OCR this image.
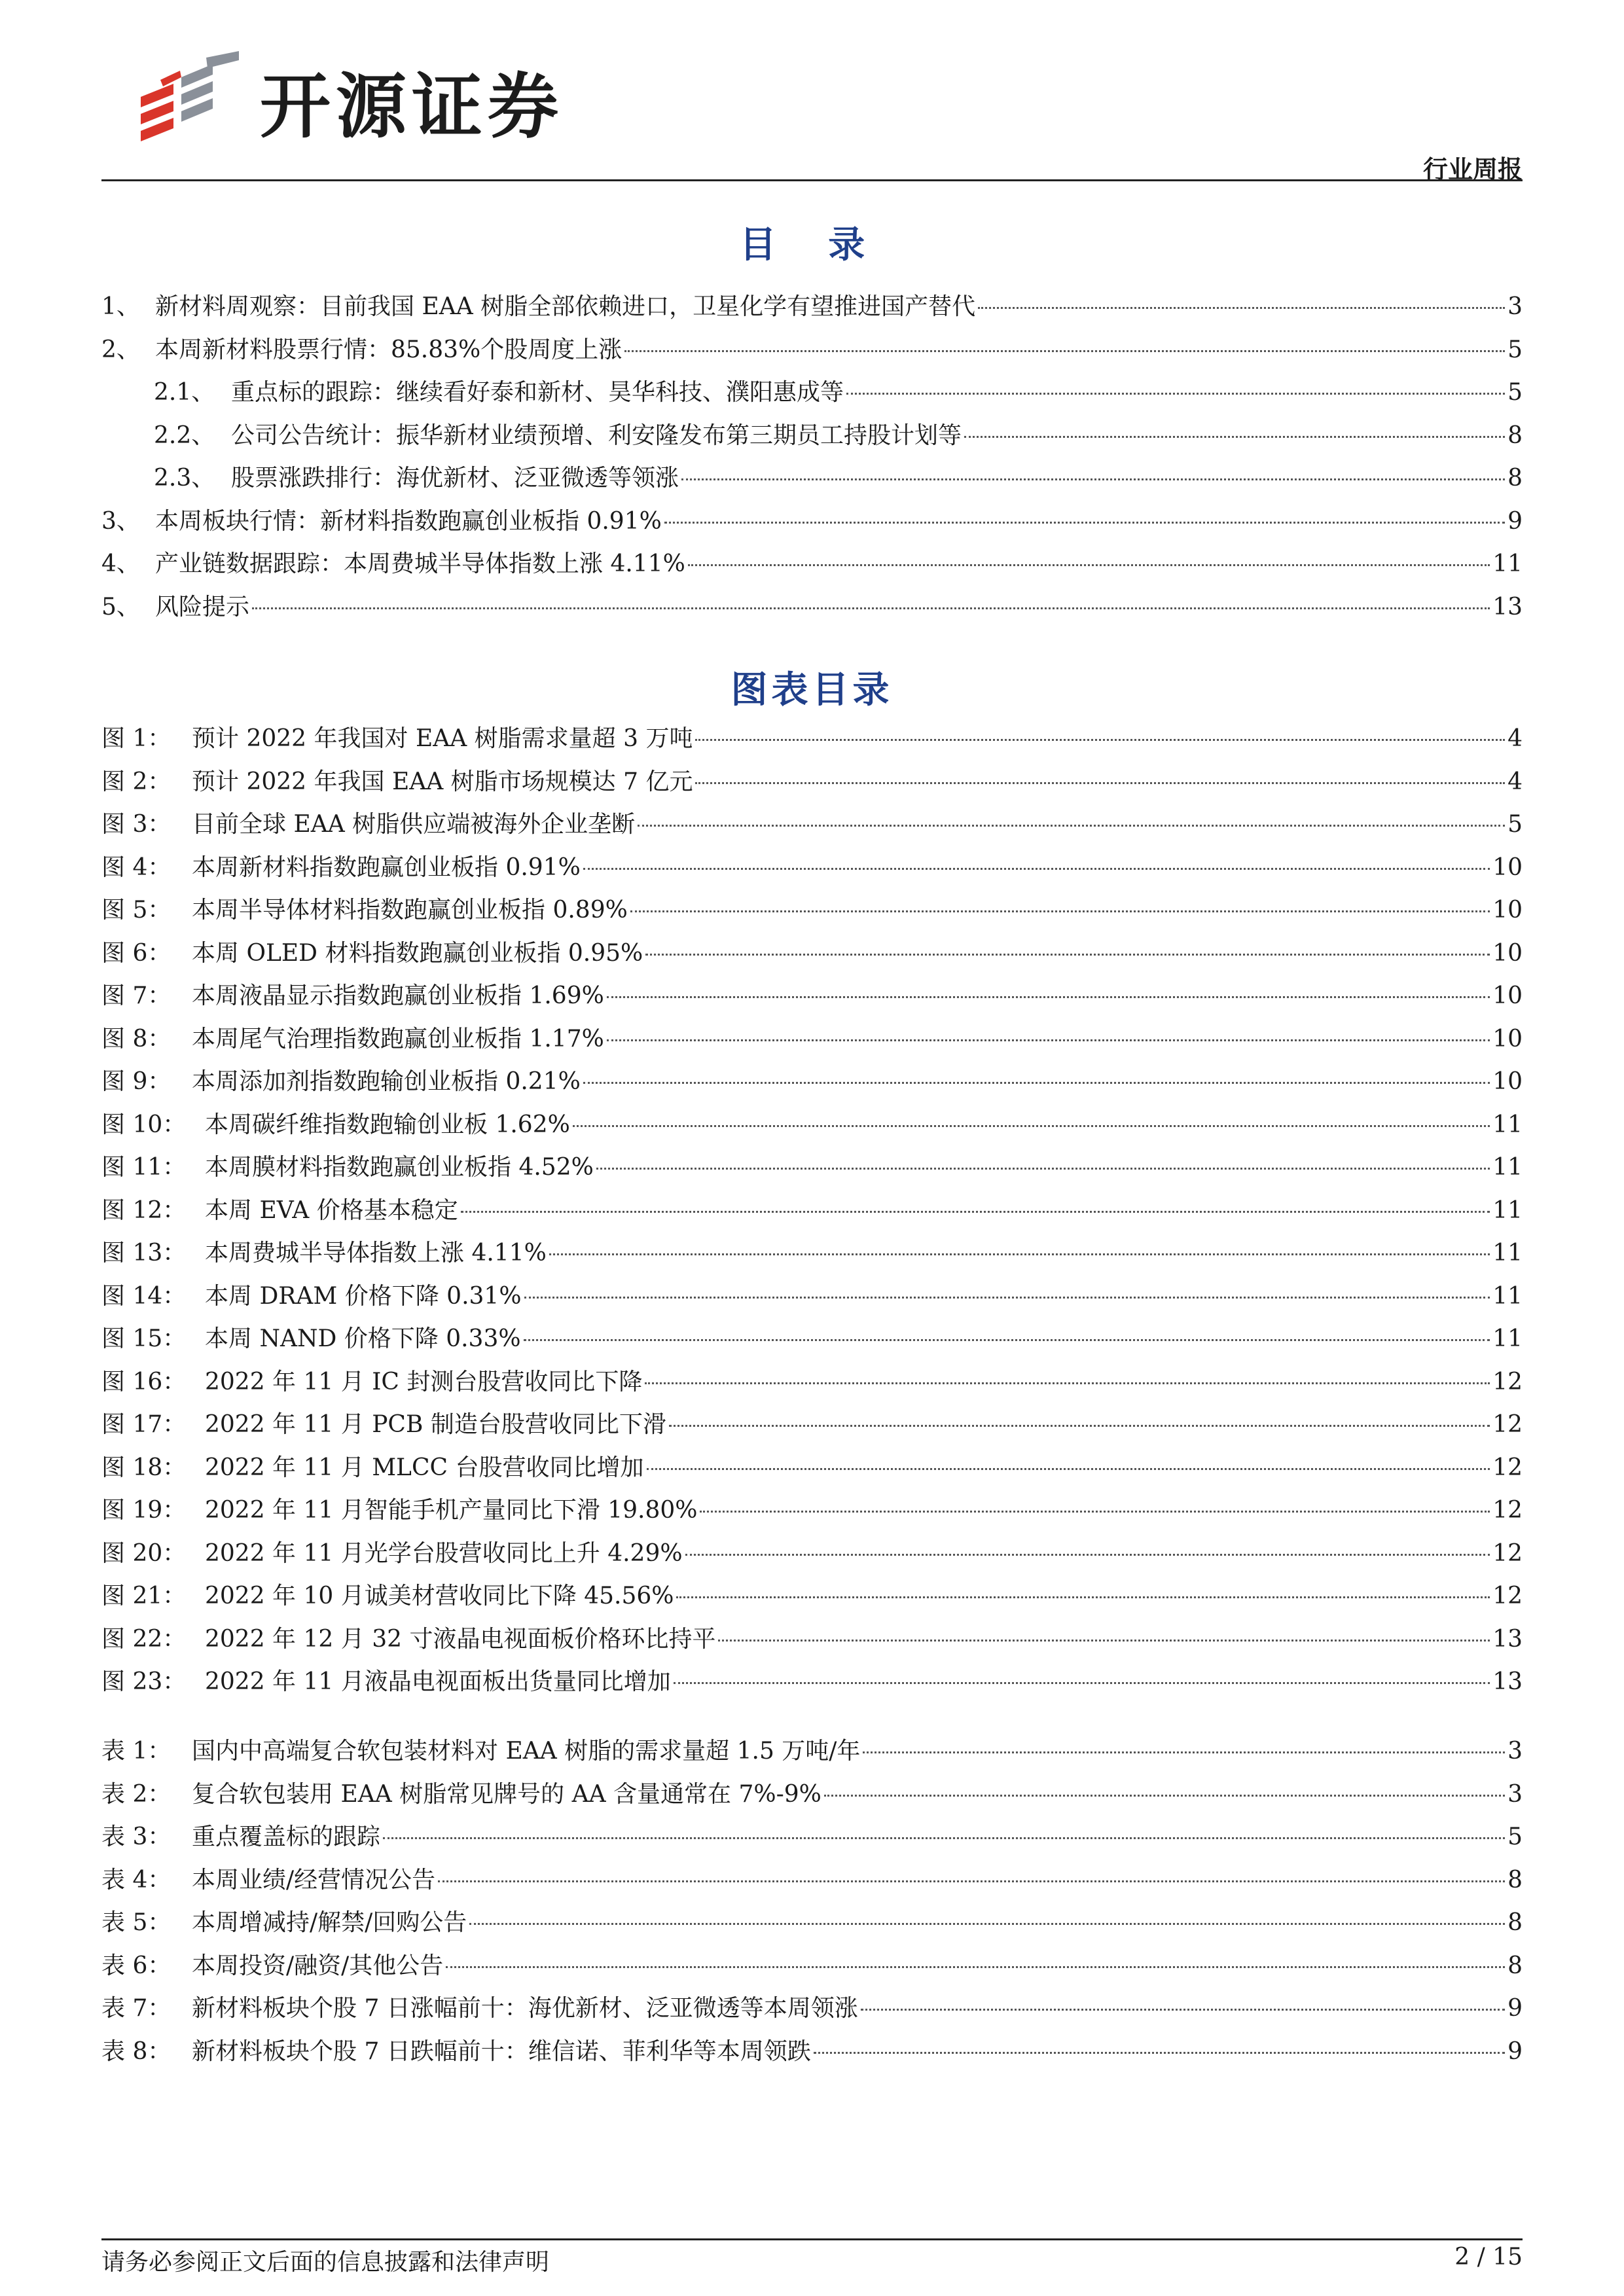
开源证券
行业周报
目 录
1、 新材料周观察：目前我国 EAA 树脂全部依赖进口，卫星化学有望推进国产替代	3
2、 本周新材料股票行情：85.83%个股周度上涨	5
2.1、 重点标的跟踪：继续看好泰和新材、昊华科技、濮阳惠成等	5
2.2、 公司公告统计：振华新材业绩预增、利安隆发布第三期员工持股计划等	8
2.3、 股票涨跌排行：海优新材、泛亚微透等领涨	8
3、 本周板块行情：新材料指数跑赢创业板指 0.91%	9
4、 产业链数据跟踪：本周费城半导体指数上涨 4.11%	11
5、 风险提示	13
图表目录
图 1： 预计 2022 年我国对 EAA 树脂需求量超 3 万吨	4
图 2： 预计 2022 年我国 EAA 树脂市场规模达 7 亿元	4
图 3： 目前全球 EAA 树脂供应端被海外企业垄断	5
图 4： 本周新材料指数跑赢创业板指 0.91%	10
图 5： 本周半导体材料指数跑赢创业板指 0.89%	10
图 6： 本周 OLED 材料指数跑赢创业板指 0.95%	10
图 7： 本周液晶显示指数跑赢创业板指 1.69%	10
图 8： 本周尾气治理指数跑赢创业板指 1.17%	10
图 9： 本周添加剂指数跑输创业板指 0.21%	10
图 10： 本周碳纤维指数跑输创业板 1.62%	11
图 11： 本周膜材料指数跑赢创业板指 4.52%	11
图 12： 本周 EVA 价格基本稳定	11
图 13： 本周费城半导体指数上涨 4.11%	11
图 14： 本周 DRAM 价格下降 0.31%	11
图 15： 本周 NAND 价格下降 0.33%	11
图 16： 2022 年 11 月 IC 封测台股营收同比下降	12
图 17： 2022 年 11 月 PCB 制造台股营收同比下滑	12
图 18： 2022 年 11 月 MLCC 台股营收同比增加	12
图 19： 2022 年 11 月智能手机产量同比下滑 19.80%	12
图 20： 2022 年 11 月光学台股营收同比上升 4.29%	12
图 21： 2022 年 10 月诚美材营收同比下降 45.56%	12
图 22： 2022 年 12 月 32 寸液晶电视面板价格环比持平	13
图 23： 2022 年 11 月液晶电视面板出货量同比增加	13
表 1： 国内中高端复合软包装材料对 EAA 树脂的需求量超 1.5 万吨/年	3
表 2： 复合软包装用 EAA 树脂常见牌号的 AA 含量通常在 7%-9%	3
表 3： 重点覆盖标的跟踪	5
表 4： 本周业绩/经营情况公告	8
表 5： 本周增减持/解禁/回购公告	8
表 6： 本周投资/融资/其他公告	8
表 7： 新材料板块个股 7 日涨幅前十：海优新材、泛亚微透等本周领涨	9
表 8： 新材料板块个股 7 日跌幅前十：维信诺、菲利华等本周领跌	9
请务必参阅正文后面的信息披露和法律声明	2 / 15
